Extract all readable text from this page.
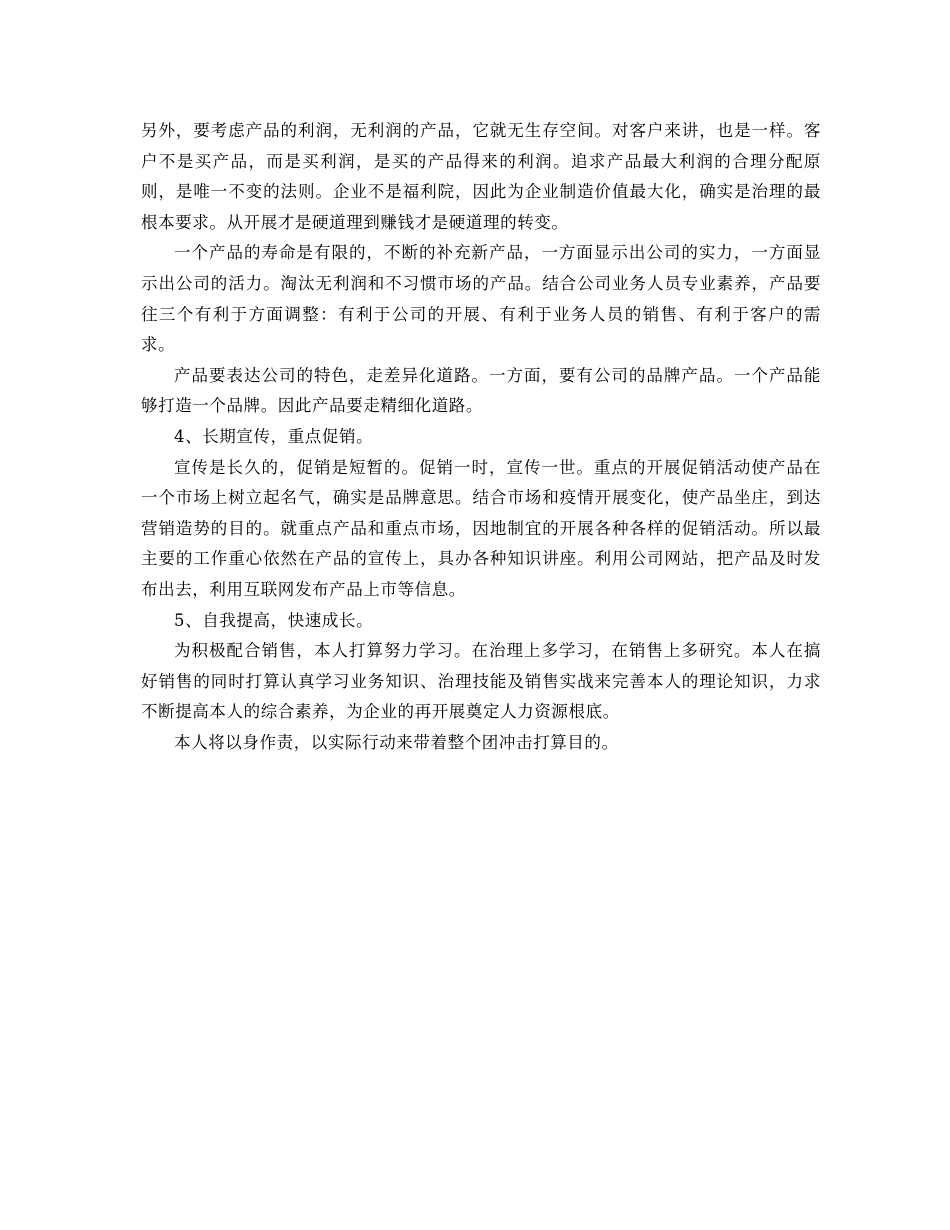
另外，要考虑产品的利润，无利润的产品，它就无生存空间。对客户来讲，也是一样。客户不是买产品，而是买利润，是买的产品得来的利润。追求产品最大利润的合理分配原则，是唯一不变的法则。企业不是福利院，因此为企业制造价值最大化，确实是治理的最根本要求。从开展才是硬道理到赚钱才是硬道理的转变。

一个产品的寿命是有限的，不断的补充新产品，一方面显示出公司的实力，一方面显示出公司的活力。淘汰无利润和不习惯市场的产品。结合公司业务人员专业素养，产品要往三个有利于方面调整：有利于公司的开展、有利于业务人员的销售、有利于客户的需求。

产品要表达公司的特色，走差异化道路。一方面，要有公司的品牌产品。一个产品能够打造一个品牌。因此产品要走精细化道路。

4、长期宣传，重点促销。

宣传是长久的，促销是短暂的。促销一时，宣传一世。重点的开展促销活动使产品在一个市场上树立起名气，确实是品牌意思。结合市场和疫情开展变化，使产品坐庄，到达营销造势的目的。就重点产品和重点市场，因地制宜的开展各种各样的促销活动。所以最主要的工作重心依然在产品的宣传上，具办各种知识讲座。利用公司网站，把产品及时发布出去，利用互联网发布产品上市等信息。

5、自我提高，快速成长。

为积极配合销售，本人打算努力学习。在治理上多学习，在销售上多研究。本人在搞好销售的同时打算认真学习业务知识、治理技能及销售实战来完善本人的理论知识，力求不断提高本人的综合素养，为企业的再开展奠定人力资源根底。

本人将以身作责，以实际行动来带着整个团冲击打算目的。
